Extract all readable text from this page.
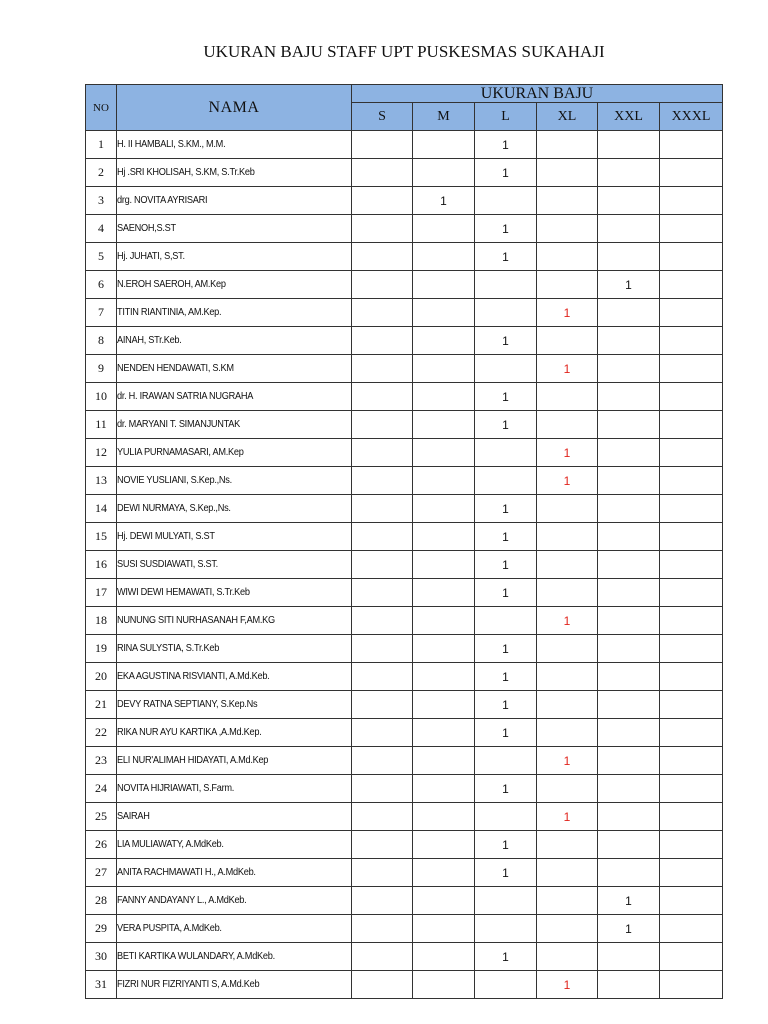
UKURAN BAJU STAFF UPT PUSKESMAS SUKAHAJI
NO	NAMA	UKURAN BAJU					
		S	M	L	XL	XXL	XXXL
1	H. II HAMBALI, S.KM., M.M.			1			
2	Hj .SRI KHOLISAH, S.KM, S.Tr.Keb			1			
3	drg. NOVITA AYRISARI		1				
4	SAENOH,S.ST			1			
5	Hj. JUHATI, S,ST.			1			
6	N.EROH SAEROH, AM.Kep					1	
7	TITIN RIANTINIA, AM.Kep.				1		
8	AINAH, STr.Keb.			1			
9	NENDEN HENDAWATI, S.KM				1		
10	dr. H. IRAWAN SATRIA NUGRAHA			1			
11	dr. MARYANI T. SIMANJUNTAK			1			
12	YULIA PURNAMASARI, AM.Kep				1		
13	NOVIE YUSLIANI, S.Kep.,Ns.				1		
14	DEWI NURMAYA, S.Kep.,Ns.			1			
15	Hj. DEWI MULYATI, S.ST			1			
16	SUSI SUSDIAWATI, S.ST.			1			
17	WIWI DEWI HEMAWATI, S.Tr.Keb			1			
18	NUNUNG SITI NURHASANAH F,AM.KG				1		
19	RINA SULYSTIA, S.Tr.Keb			1			
20	EKA AGUSTINA RISVIANTI, A.Md.Keb.			1			
21	DEVY RATNA SEPTIANY, S.Kep.Ns			1			
22	RIKA NUR AYU KARTIKA ,A.Md.Kep.			1			
23	ELI NUR'ALIMAH HIDAYATI, A.Md.Kep				1		
24	NOVITA HIJRIAWATI, S.Farm.			1			
25	SAIRAH				1		
26	LIA MULIAWATY, A.MdKeb.			1			
27	ANITA RACHMAWATI H., A.MdKeb.			1			
28	FANNY ANDAYANY L., A.MdKeb.					1	
29	VERA PUSPITA, A.MdKeb.					1	
30	BETI KARTIKA WULANDARY, A.MdKeb.			1			
31	FIZRI NUR FIZRIYANTI S, A.Md.Keb				1		
